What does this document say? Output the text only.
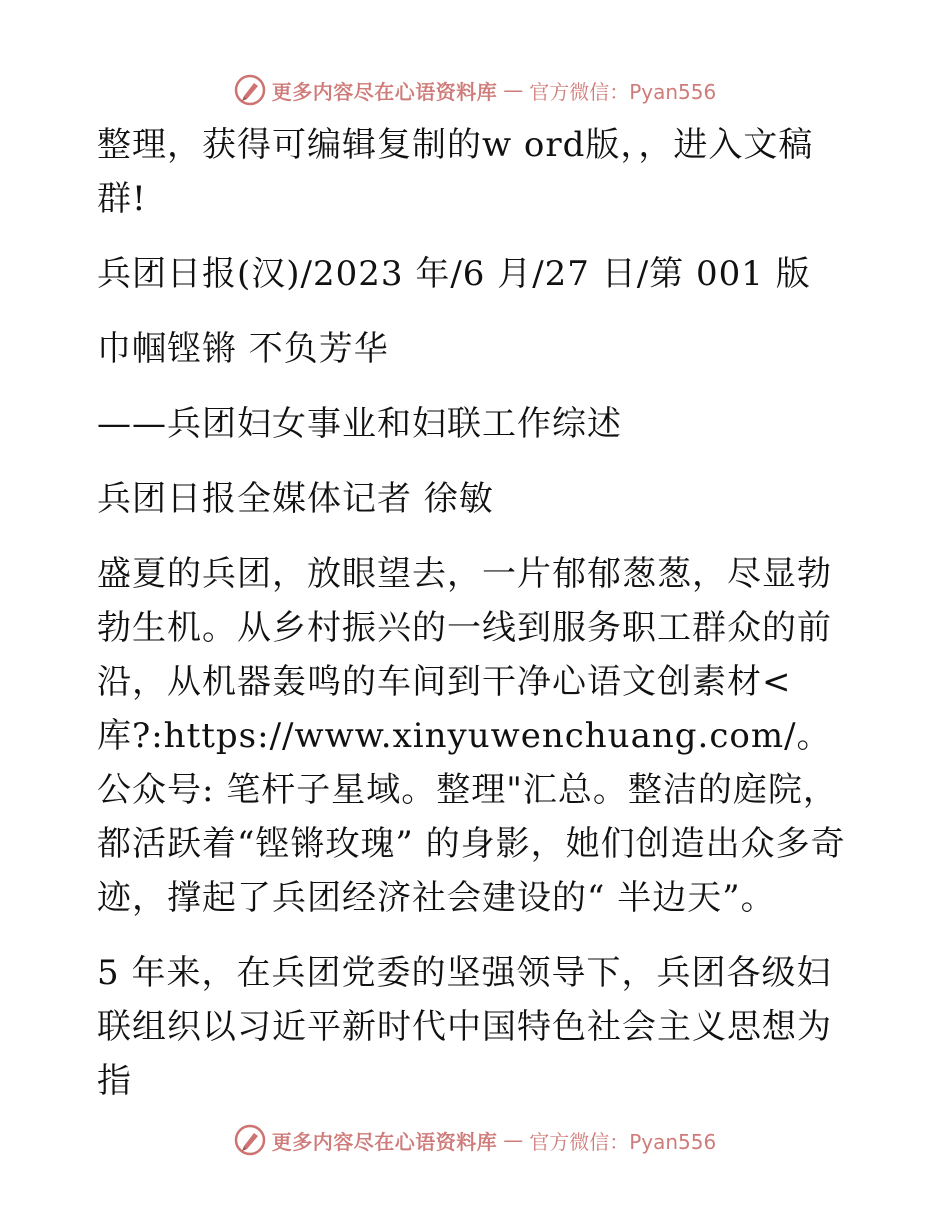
更多内容尽在心语资料库 — 官方微信：Pyan556

整理，获得可编辑复制的w ord版，，进入文稿群!

兵团日报(汉)/2023 年/6 月/27 日/第 001 版

巾帼铿锵 不负芳华

——兵团妇女事业和妇联工作综述

兵团日报全媒体记者 徐敏

盛夏的兵团，放眼望去，一片郁郁葱葱，尽显勃勃生机。从乡村振兴的一线到服务职工群众的前沿，从机器轰鸣的车间到干净心语文创素材<库?:https://www.xinyuwenchuang.com/。公众号: 笔杆子星域。整理"汇总。整洁的庭院，都活跃着“铿锵玫瑰” 的身影，她们创造出众多奇迹，撑起了兵团经济社会建设的“ 半边天”。

5 年来，在兵团党委的坚强领导下，兵团各级妇联组织以习近平新时代中国特色社会主义思想为指

更多内容尽在心语资料库 — 官方微信：Pyan556
